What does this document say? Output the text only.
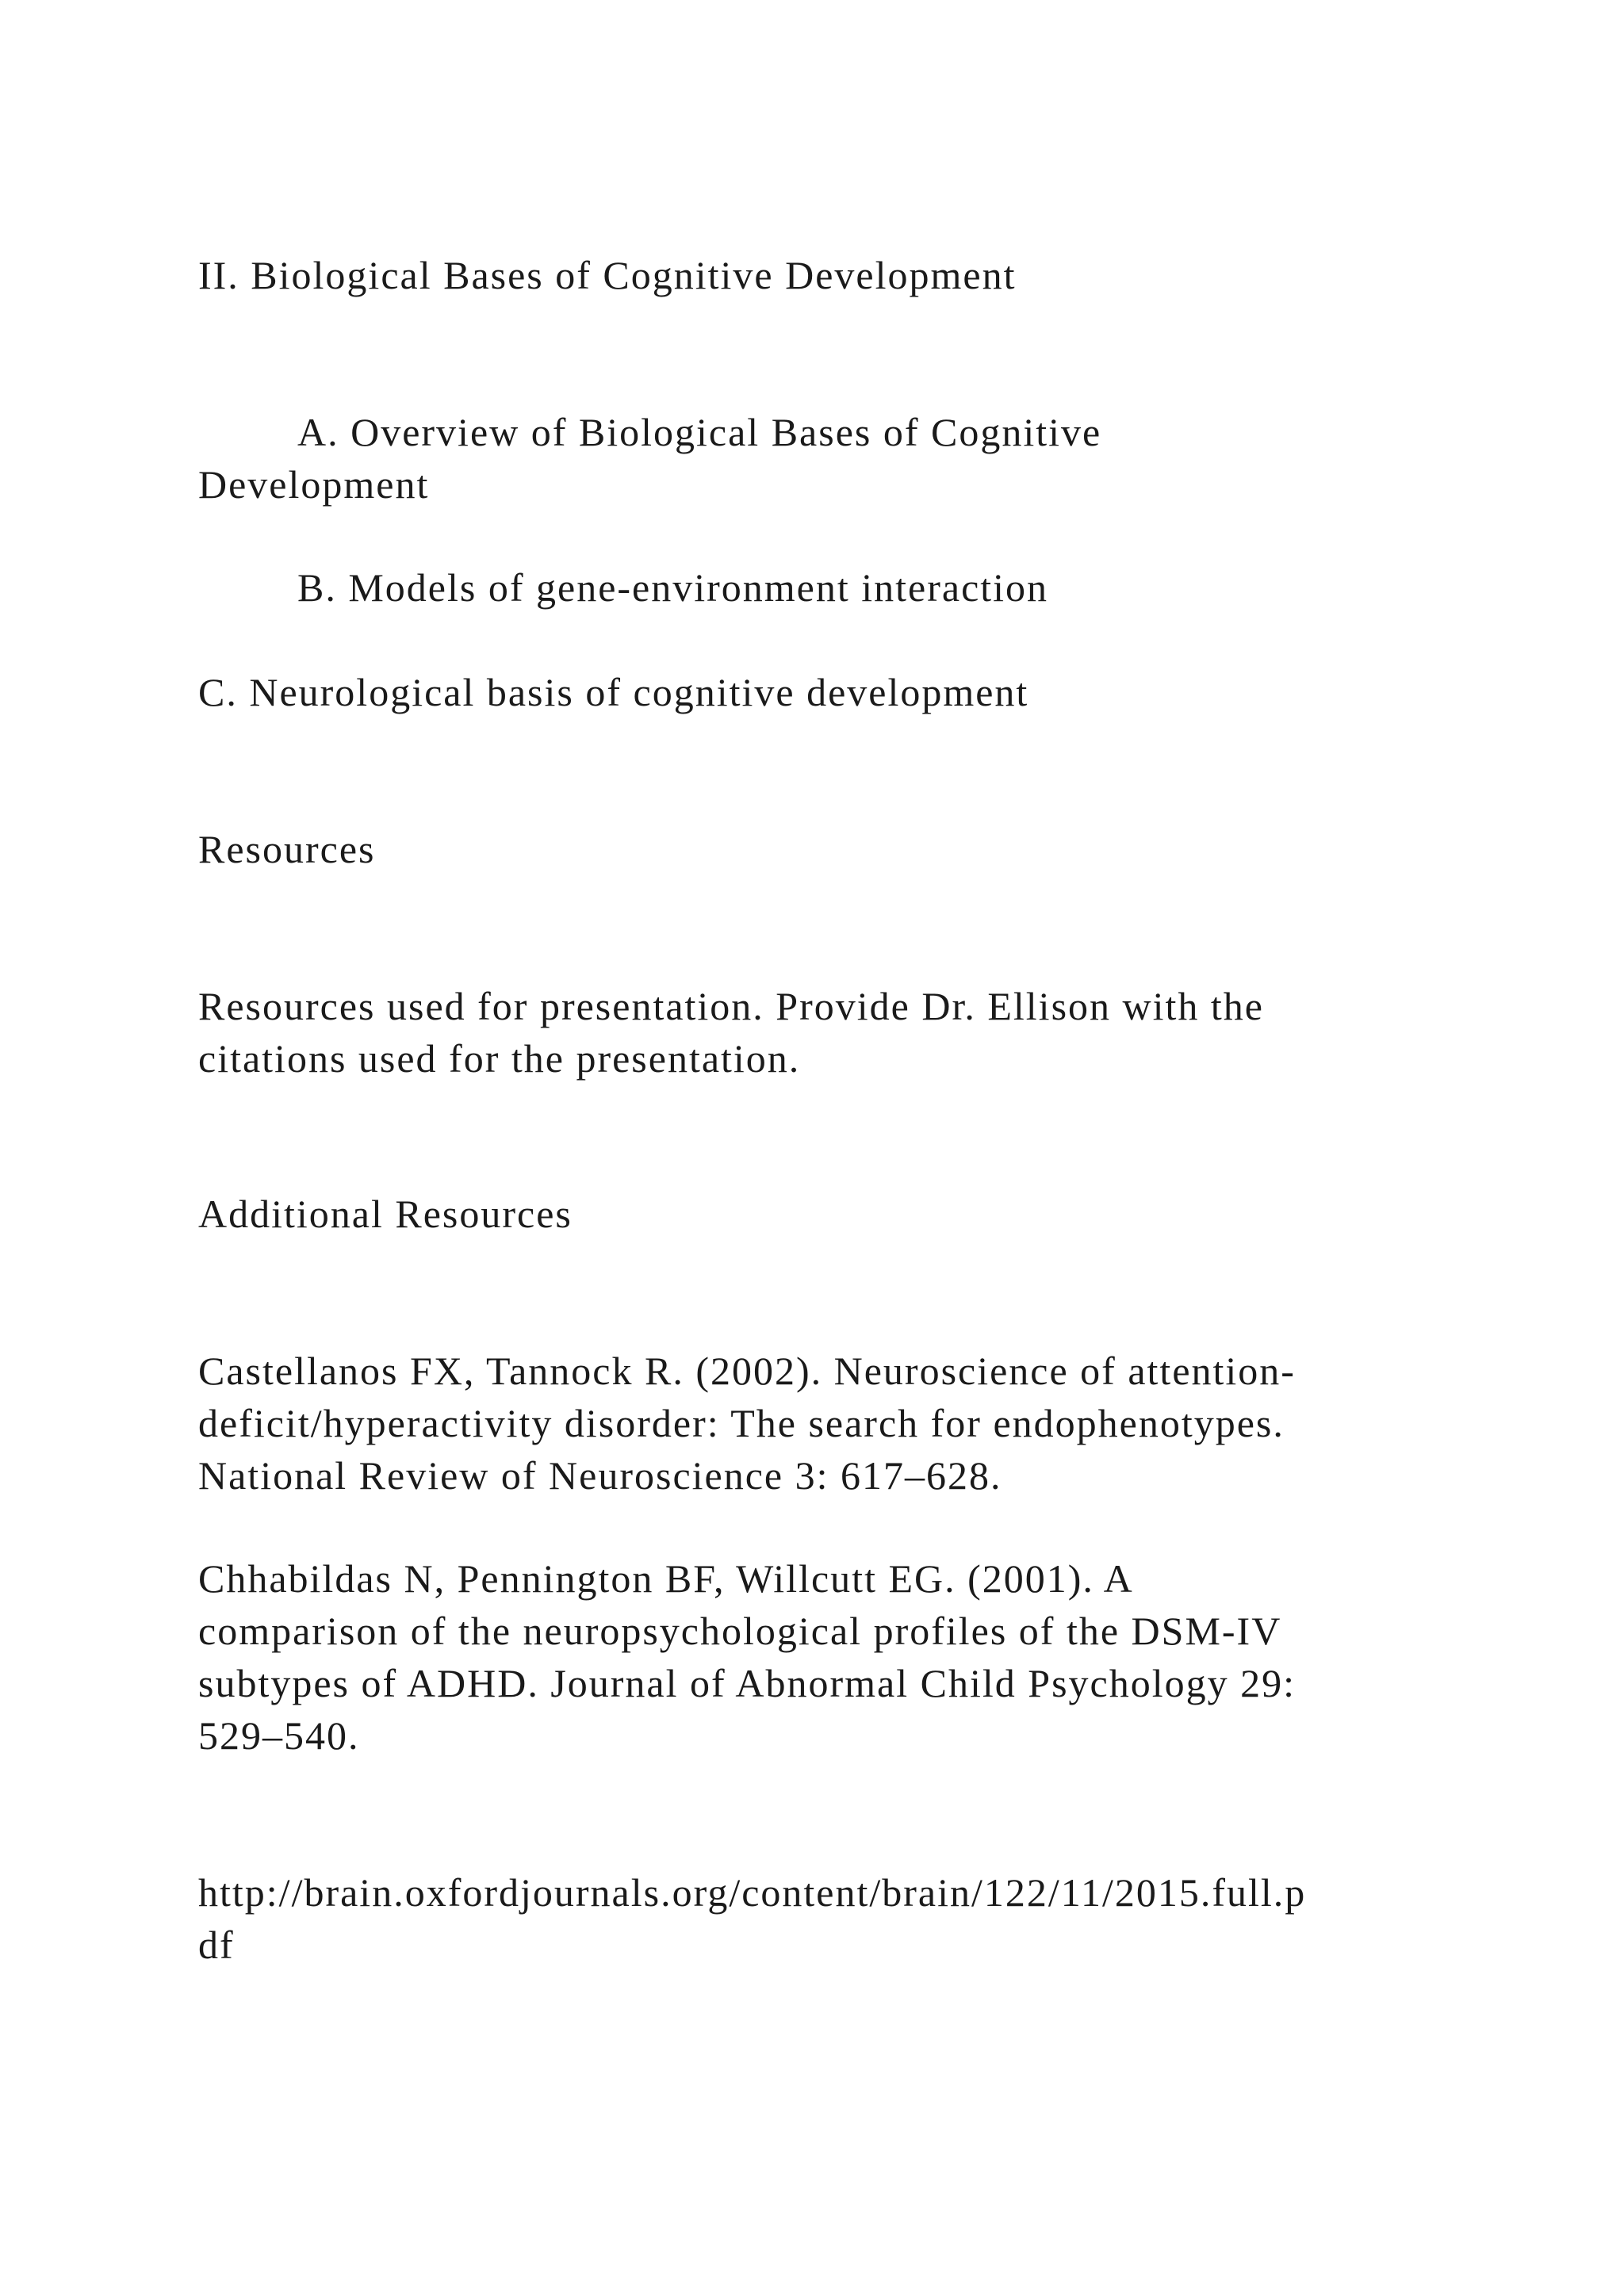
II. Biological Bases of Cognitive Development

A. Overview of Biological Bases of Cognitive

Development

B. Models of gene-environment interaction

C. Neurological basis of cognitive development

Resources

Resources used for presentation. Provide Dr. Ellison with the

citations used for the presentation.

Additional Resources

Castellanos FX, Tannock R. (2002). Neuroscience of attention-

deficit/hyperactivity disorder: The search for endophenotypes.

National Review of Neuroscience 3: 617–628.

Chhabildas N, Pennington BF, Willcutt EG. (2001). A

comparison of the neuropsychological profiles of the DSM-IV

subtypes of ADHD. Journal of Abnormal Child Psychology 29:

529–540.

http://brain.oxfordjournals.org/content/brain/122/11/2015.full.p

df
